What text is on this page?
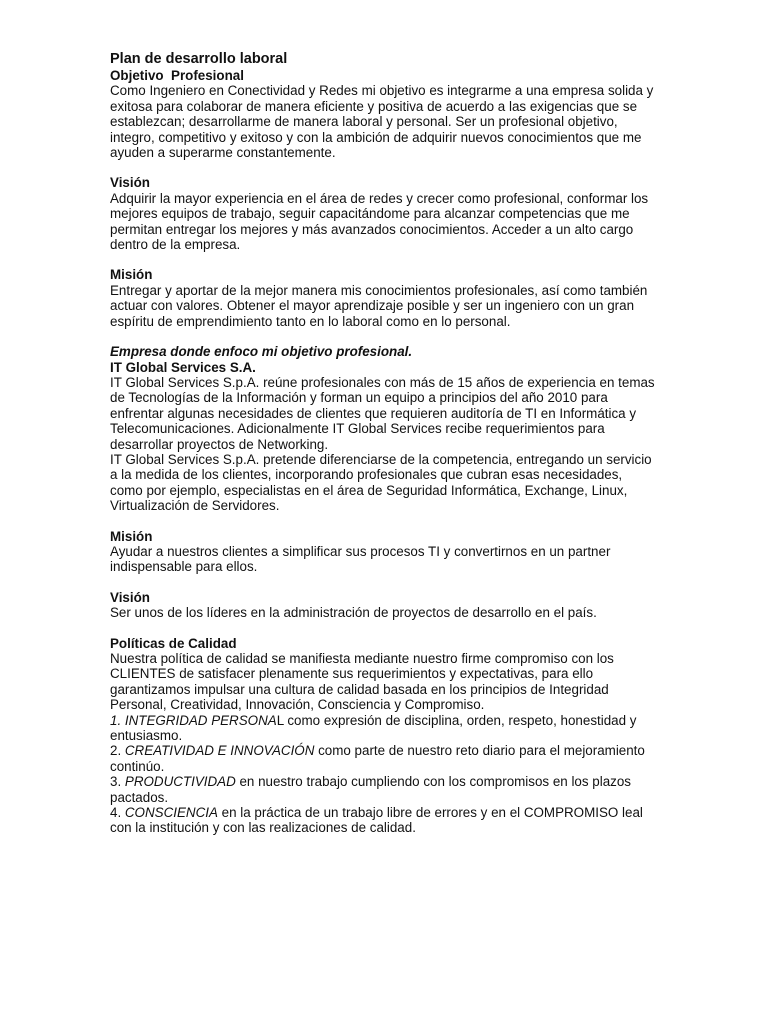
Plan de desarrollo laboral

Objetivo  Profesional

Como Ingeniero en Conectividad y Redes mi objetivo es integrarme a una empresa solida y exitosa para colaborar de manera eficiente y positiva de acuerdo a las exigencias que se establezcan; desarrollarme de manera laboral y personal. Ser un profesional objetivo, integro, competitivo y exitoso y con la ambición de adquirir nuevos conocimientos que me ayuden a superarme constantemente.

Visión

Adquirir la mayor experiencia en el área de redes y crecer como profesional, conformar los mejores equipos de trabajo, seguir capacitándome para alcanzar competencias que me permitan entregar los mejores y más avanzados conocimientos. Acceder a un alto cargo dentro de la empresa.

Misión

Entregar y aportar de la mejor manera mis conocimientos profesionales, así como también actuar con valores. Obtener el mayor aprendizaje posible y ser un ingeniero con un gran espíritu de emprendimiento tanto en lo laboral como en lo personal.

Empresa donde enfoco mi objetivo profesional.

IT Global Services S.A.

IT Global Services S.p.A. reúne profesionales con más de 15 años de experiencia en temas de Tecnologías de la Información y forman un equipo a principios del año 2010 para enfrentar algunas necesidades de clientes que requieren auditoría de TI en Informática y Telecomunicaciones. Adicionalmente IT Global Services recibe requerimientos para desarrollar proyectos de Networking.

IT Global Services S.p.A. pretende diferenciarse de la competencia, entregando un servicio a la medida de los clientes, incorporando profesionales que cubran esas necesidades, como por ejemplo, especialistas en el área de Seguridad Informática, Exchange, Linux, Virtualización de Servidores.

Misión

Ayudar a nuestros clientes a simplificar sus procesos TI y convertirnos en un partner indispensable para ellos.

Visión

Ser unos de los líderes en la administración de proyectos de desarrollo en el país.

Políticas de Calidad

Nuestra política de calidad se manifiesta mediante nuestro firme compromiso con los CLIENTES de satisfacer plenamente sus requerimientos y expectativas, para ello garantizamos impulsar una cultura de calidad basada en los principios de Integridad Personal, Creatividad, Innovación, Consciencia y Compromiso.

1. INTEGRIDAD PERSONAL como expresión de disciplina, orden, respeto, honestidad y entusiasmo.

2. CREATIVIDAD E INNOVACIÓN como parte de nuestro reto diario para el mejoramiento continúo.

3. PRODUCTIVIDAD en nuestro trabajo cumpliendo con los compromisos en los plazos pactados.

4. CONSCIENCIA en la práctica de un trabajo libre de errores y en el COMPROMISO leal con la institución y con las realizaciones de calidad.
